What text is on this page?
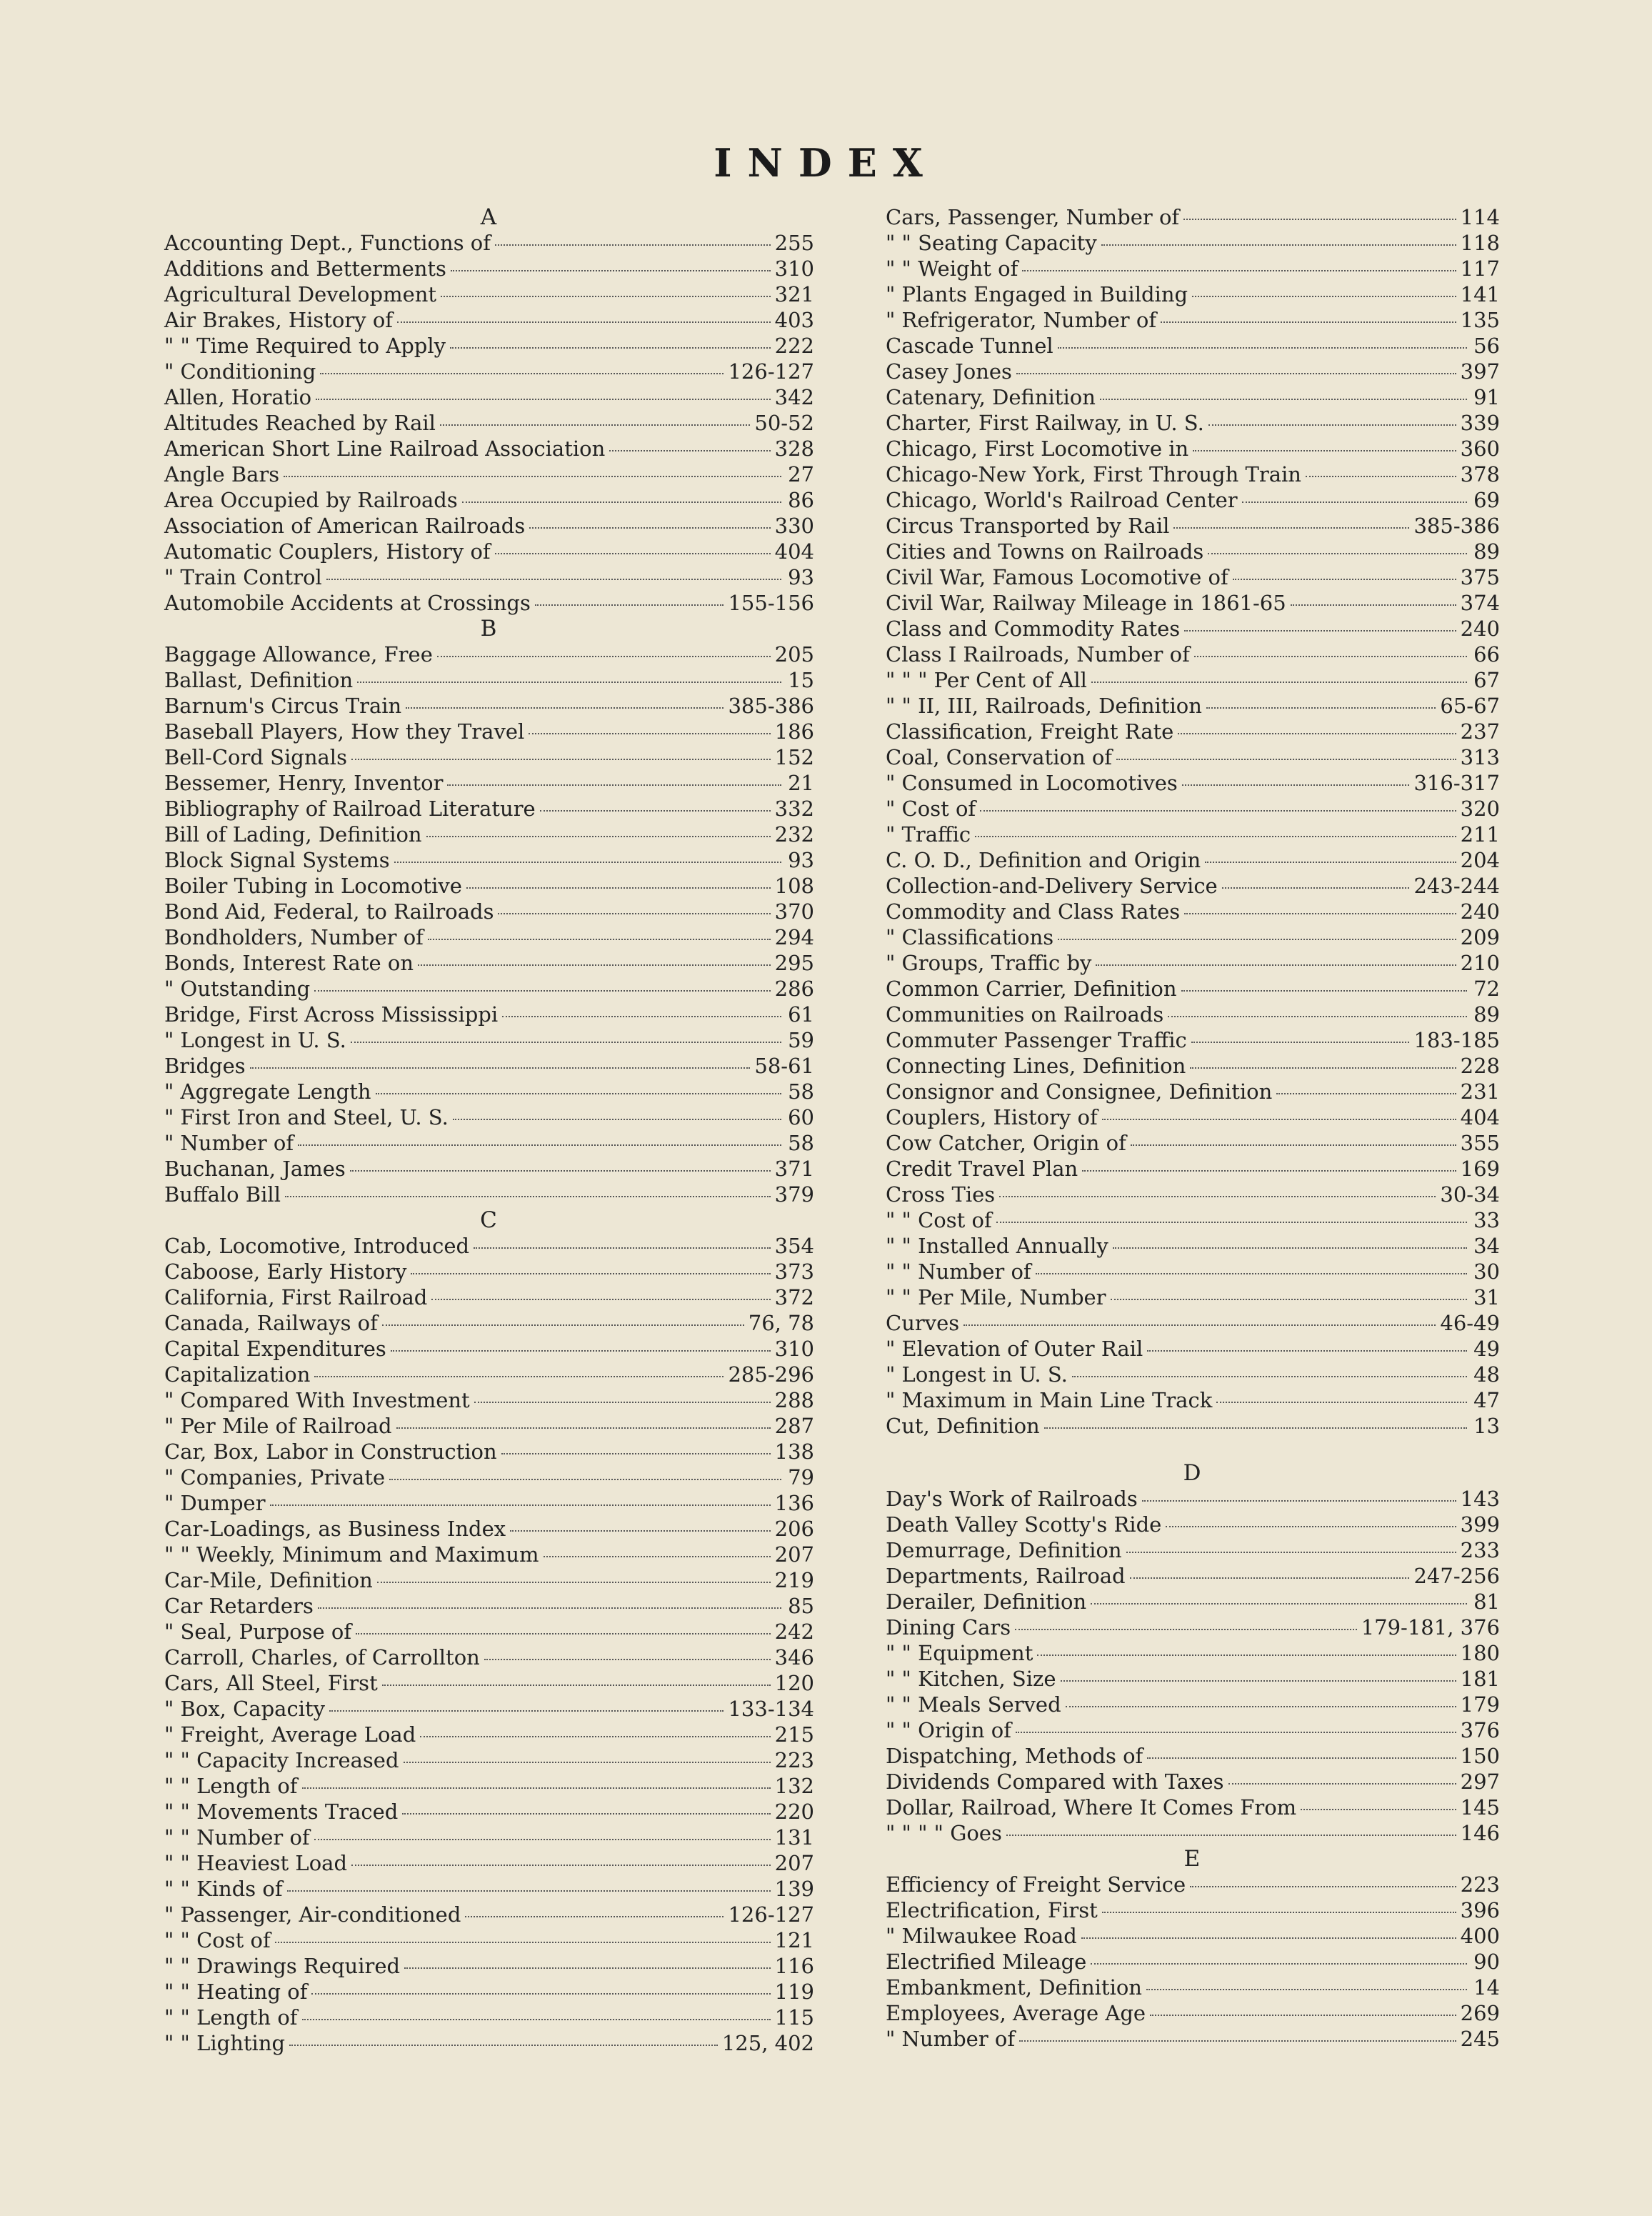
INDEX
A
Accounting Dept., Functions of	255
Additions and Betterments	310
Agricultural Development	321
Air Brakes, History of	403
" " Time Required to Apply	222
" Conditioning	126-127
Allen, Horatio	342
Altitudes Reached by Rail	50-52
American Short Line Railroad Association	328
Angle Bars	27
Area Occupied by Railroads	86
Association of American Railroads	330
Automatic Couplers, History of	404
" Train Control	93
Automobile Accidents at Crossings	155-156
B
Baggage Allowance, Free	205
Ballast, Definition	15
Barnum's Circus Train	385-386
Baseball Players, How they Travel	186
Bell-Cord Signals	152
Bessemer, Henry, Inventor	21
Bibliography of Railroad Literature	332
Bill of Lading, Definition	232
Block Signal Systems	93
Boiler Tubing in Locomotive	108
Bond Aid, Federal, to Railroads	370
Bondholders, Number of	294
Bonds, Interest Rate on	295
" Outstanding	286
Bridge, First Across Mississippi	61
" Longest in U. S.	59
Bridges	58-61
" Aggregate Length	58
" First Iron and Steel, U. S.	60
" Number of	58
Buchanan, James	371
Buffalo Bill	379
C
Cab, Locomotive, Introduced	354
Caboose, Early History	373
California, First Railroad	372
Canada, Railways of	76, 78
Capital Expenditures	310
Capitalization	285-296
" Compared With Investment	288
" Per Mile of Railroad	287
Car, Box, Labor in Construction	138
" Companies, Private	79
" Dumper	136
Car-Loadings, as Business Index	206
" " Weekly, Minimum and Maximum	207
Car-Mile, Definition	219
Car Retarders	85
" Seal, Purpose of	242
Carroll, Charles, of Carrollton	346
Cars, All Steel, First	120
" Box, Capacity	133-134
" Freight, Average Load	215
" " Capacity Increased	223
" " Length of	132
" " Movements Traced	220
" " Number of	131
" " Heaviest Load	207
" " Kinds of	139
" Passenger, Air-conditioned	126-127
" " Cost of	121
" " Drawings Required	116
" " Heating of	119
" " Length of	115
" " Lighting	125, 402
Cars, Passenger, Number of	114
" " Seating Capacity	118
" " Weight of	117
" Plants Engaged in Building	141
" Refrigerator, Number of	135
Cascade Tunnel	56
Casey Jones	397
Catenary, Definition	91
Charter, First Railway, in U. S.	339
Chicago, First Locomotive in	360
Chicago-New York, First Through Train	378
Chicago, World's Railroad Center	69
Circus Transported by Rail	385-386
Cities and Towns on Railroads	89
Civil War, Famous Locomotive of	375
Civil War, Railway Mileage in 1861-65	374
Class and Commodity Rates	240
Class I Railroads, Number of	66
" " " Per Cent of All	67
" " II, III, Railroads, Definition	65-67
Classification, Freight Rate	237
Coal, Conservation of	313
" Consumed in Locomotives	316-317
" Cost of	320
" Traffic	211
C. O. D., Definition and Origin	204
Collection-and-Delivery Service	243-244
Commodity and Class Rates	240
" Classifications	209
" Groups, Traffic by	210
Common Carrier, Definition	72
Communities on Railroads	89
Commuter Passenger Traffic	183-185
Connecting Lines, Definition	228
Consignor and Consignee, Definition	231
Couplers, History of	404
Cow Catcher, Origin of	355
Credit Travel Plan	169
Cross Ties	30-34
" " Cost of	33
" " Installed Annually	34
" " Number of	30
" " Per Mile, Number	31
Curves	46-49
" Elevation of Outer Rail	49
" Longest in U. S.	48
" Maximum in Main Line Track	47
Cut, Definition	13
D
Day's Work of Railroads	143
Death Valley Scotty's Ride	399
Demurrage, Definition	233
Departments, Railroad	247-256
Derailer, Definition	81
Dining Cars	179-181, 376
" " Equipment	180
" " Kitchen, Size	181
" " Meals Served	179
" " Origin of	376
Dispatching, Methods of	150
Dividends Compared with Taxes	297
Dollar, Railroad, Where It Comes From	145
" " " " Goes	146
E
Efficiency of Freight Service	223
Electrification, First	396
" Milwaukee Road	400
Electrified Mileage	90
Embankment, Definition	14
Employees, Average Age	269
" Number of	245
